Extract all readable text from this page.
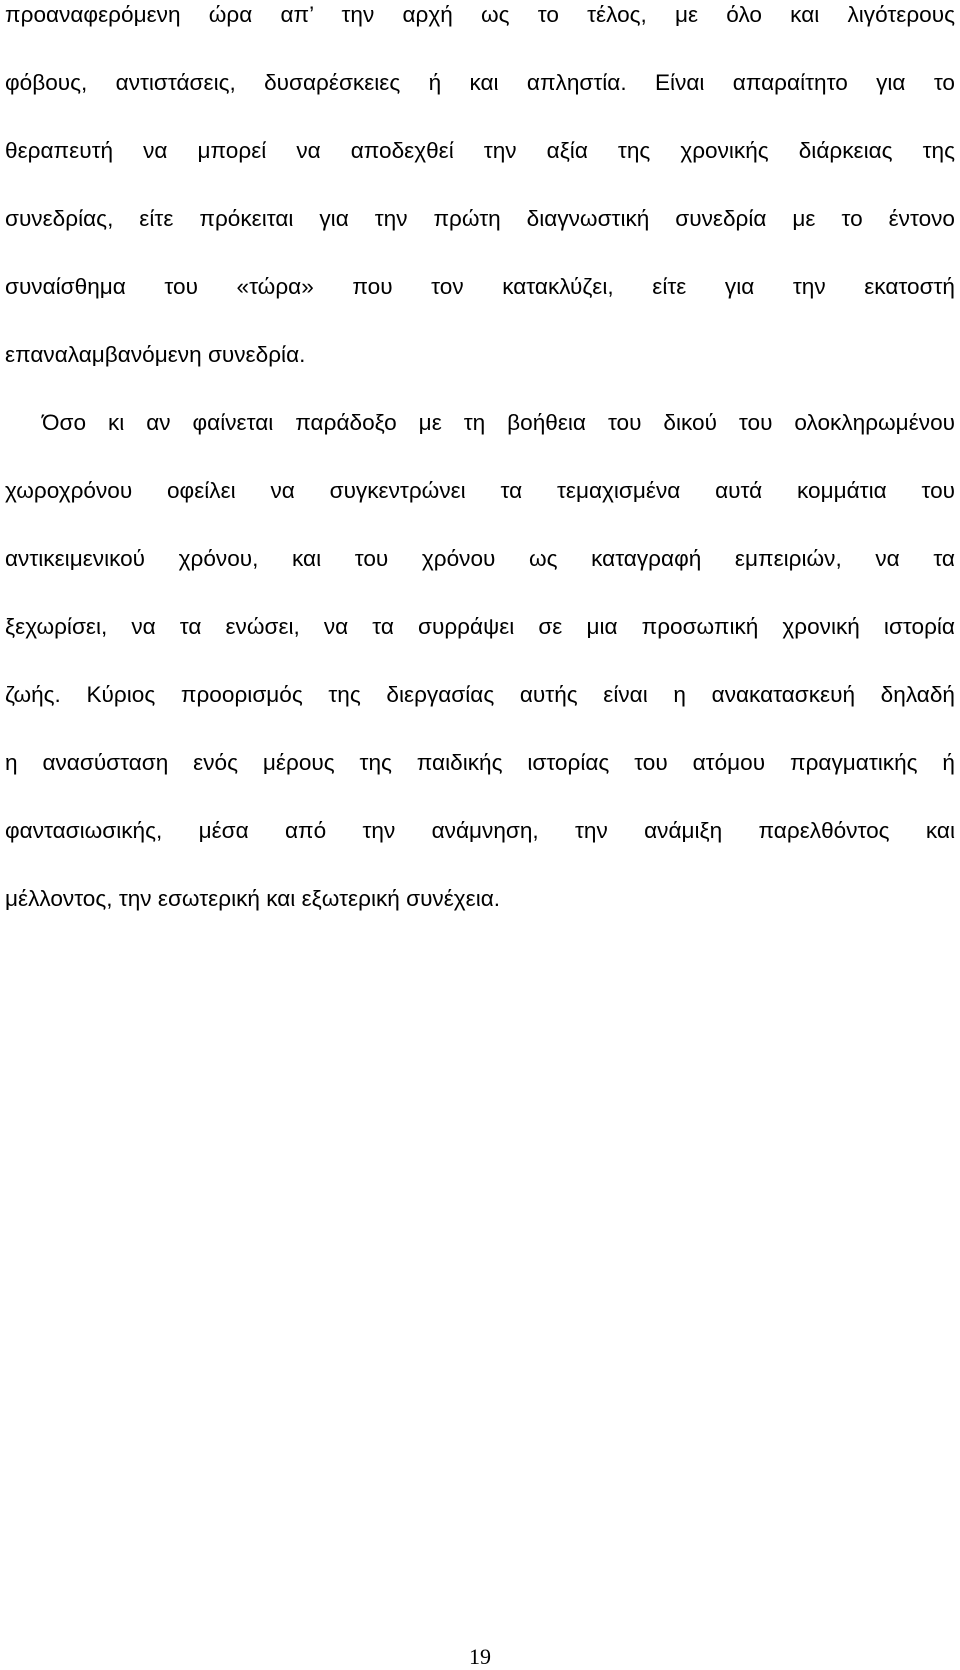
προαναφερόμενη ώρα απ’ την αρχή ως το τέλος, με όλο και λιγότερους
φόβους, αντιστάσεις, δυσαρέσκειες ή και απληστία. Είναι απαραίτητο για το
θεραπευτή να μπορεί να αποδεχθεί την αξία της χρονικής διάρκειας της
συνεδρίας, είτε πρόκειται για την πρώτη διαγνωστική συνεδρία με το έντονο
συναίσθημα του «τώρα» που τον κατακλύζει, είτε για την εκατοστή
επαναλαμβανόμενη συνεδρία.
Όσο κι αν φαίνεται παράδοξο με τη βοήθεια του δικού του ολοκληρωμένου
χωροχρόνου οφείλει να συγκεντρώνει τα τεμαχισμένα αυτά κομμάτια του
αντικειμενικού χρόνου, και του χρόνου ως καταγραφή εμπειριών, να τα
ξεχωρίσει, να τα ενώσει, να τα συρράψει σε μια προσωπική χρονική ιστορία
ζωής. Κύριος προορισμός της διεργασίας αυτής είναι η ανακατασκευή δηλαδή
η ανασύσταση ενός μέρους της παιδικής ιστορίας του ατόμου πραγματικής ή
φαντασιωσικής, μέσα από την ανάμνηση, την ανάμιξη παρελθόντος και
μέλλοντος, την εσωτερική και εξωτερική συνέχεια.
19
